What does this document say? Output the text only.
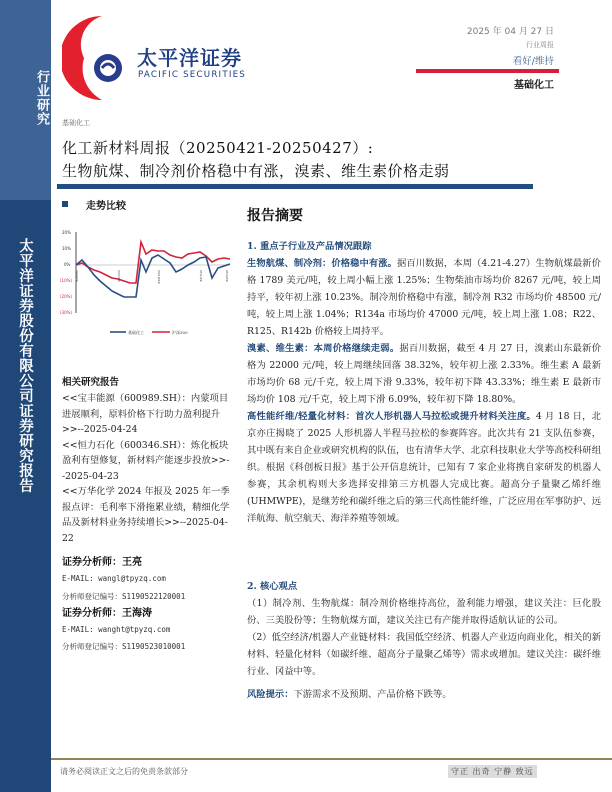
行业研究
太平洋证券股份有限公司证券研究报告
太平洋证券
PACIFIC SECURITIES
基础化工
2025 年 04 月 27 日
行业周报
看好/维持
基础化工
化工新材料周报（20250421-20250427）:
生物航煤、制冷剂价格稳中有涨，溴素、维生素价格走弱
走势比较
20%
10%
0%
(10%)
(20%)
(30%)
24/4/29	24/7/29	24/10/29	25/1/29	25/4/29
基础化工	沪深300
相关研究报告
<<宝丰能源（600989.SH）：内蒙项目进展顺利，原料价格下行助力盈利提升>>--2025-04-24
<<恒力石化（600346.SH）：炼化板块盈利有望修复，新材料产能逐步投放>>--2025-04-23
<<万华化学 2024 年报及 2025 年一季报点评：毛利率下滑拖累业绩，精细化学品及新材料业务持续增长>>--2025-04-22
证券分析师：王亮
E-MAIL: wangl@tpyzq.com
分析师登记编号：S1190522120001
证券分析师：王海涛
E-MAIL: wanght@tpyzq.com
分析师登记编号：S1190523010001
报告摘要
1. 重点子行业及产品情况跟踪

生物航煤、制冷剂：价格稳中有涨。据百川数据，本周（4.21-4.27）生物航煤最新价格 1789 美元/吨，较上周小幅上涨 1.25%；生物柴油市场均价 8267 元/吨，较上周持平，较年初上涨 10.23%。制冷剂价格稳中有涨，制冷剂 R32 市场均价 48500 元/吨，较上周上涨 1.04%；R134a 市场均价 47000 元/吨，较上周上涨 1.08；R22、R125、R142b 价格较上周持平。

溴素、维生素：本周价格继续走弱。据百川数据，截至 4 月 27 日，溴素山东最新价格为 22000 元/吨，较上周继续回落 38.32%，较年初上涨 2.33%。维生素 A 最新市场均价 68 元/千克，较上周下滑 9.33%，较年初下降 43.33%；维生素 E 最新市场均价 108 元/千克，较上周下滑 6.09%，较年初下降 18.80%。

高性能纤维/轻量化材料：首次人形机器人马拉松或提升材料关注度。4 月 18 日，北京亦庄揭晓了 2025 人形机器人半程马拉松的参赛阵容。此次共有 21 支队伍参赛，其中既有来自企业或研究机构的队伍，也有清华大学、北京科技职业大学等高校科研组织。根据《科创板日报》基于公开信息统计，已知有 7 家企业将携自家研发的机器人参赛，其余机构则大多选择安排第三方机器人完成比赛。超高分子量聚乙烯纤维(UHMWPE)，是继芳纶和碳纤维之后的第三代高性能纤维，广泛应用在军事防护、远洋航海、航空航天、海洋养殖等领域。

2. 核心观点

（1）制冷剂、生物航煤：制冷剂价格维持高位，盈利能力增强，建议关注：巨化股份、三美股份等；生物航煤方面，建议关注已有产能并取得适航认证的公司。

（2）低空经济/机器人产业链材料：我国低空经济、机器人产业迈向商业化，相关的新材料、轻量化材料（如碳纤维、超高分子量聚乙烯等）需求或增加。建议关注：碳纤维行业、冈益中等。

风险提示：下游需求不及预期、产品价格下跌等。

请务必阅读正文之后的免责条款部分	守正 出奇 宁静 致远
